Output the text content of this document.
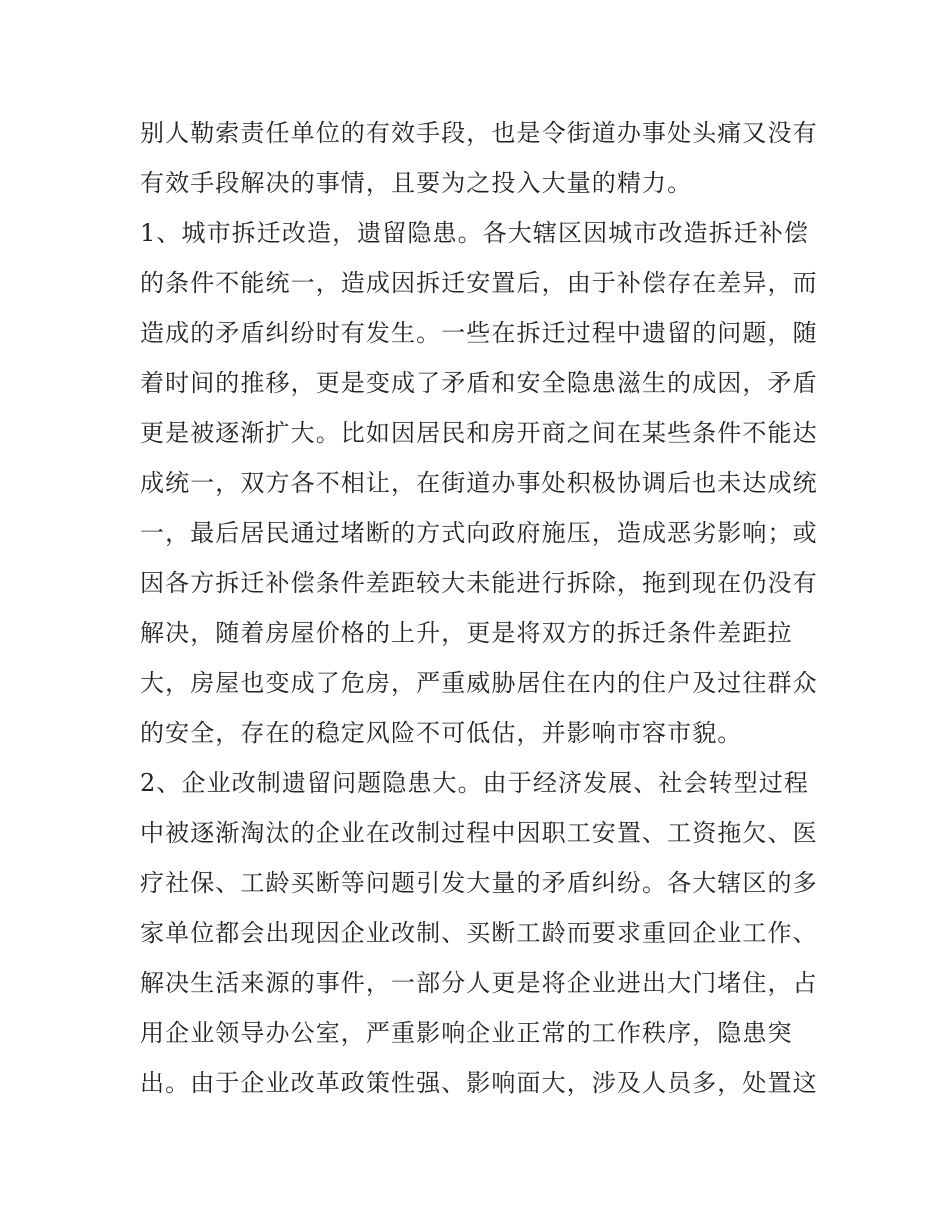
别人勒索责任单位的有效手段，也是令街道办事处头痛又没有
有效手段解决的事情，且要为之投入大量的精力。
1、城市拆迁改造，遗留隐患。各大辖区因城市改造拆迁补偿
的条件不能统一，造成因拆迁安置后，由于补偿存在差异，而
造成的矛盾纠纷时有发生。一些在拆迁过程中遗留的问题，随
着时间的推移，更是变成了矛盾和安全隐患滋生的成因，矛盾
更是被逐渐扩大。比如因居民和房开商之间在某些条件不能达
成统一，双方各不相让，在街道办事处积极协调后也未达成统
一，最后居民通过堵断的方式向政府施压，造成恶劣影响；或
因各方拆迁补偿条件差距较大未能进行拆除，拖到现在仍没有
解决，随着房屋价格的上升，更是将双方的拆迁条件差距拉
大，房屋也变成了危房，严重威胁居住在内的住户及过往群众
的安全，存在的稳定风险不可低估，并影响市容市貌。
2、企业改制遗留问题隐患大。由于经济发展、社会转型过程
中被逐渐淘汰的企业在改制过程中因职工安置、工资拖欠、医
疗社保、工龄买断等问题引发大量的矛盾纠纷。各大辖区的多
家单位都会出现因企业改制、买断工龄而要求重回企业工作、
解决生活来源的事件，一部分人更是将企业进出大门堵住，占
用企业领导办公室，严重影响企业正常的工作秩序，隐患突
出。由于企业改革政策性强、影响面大，涉及人员多，处置这
